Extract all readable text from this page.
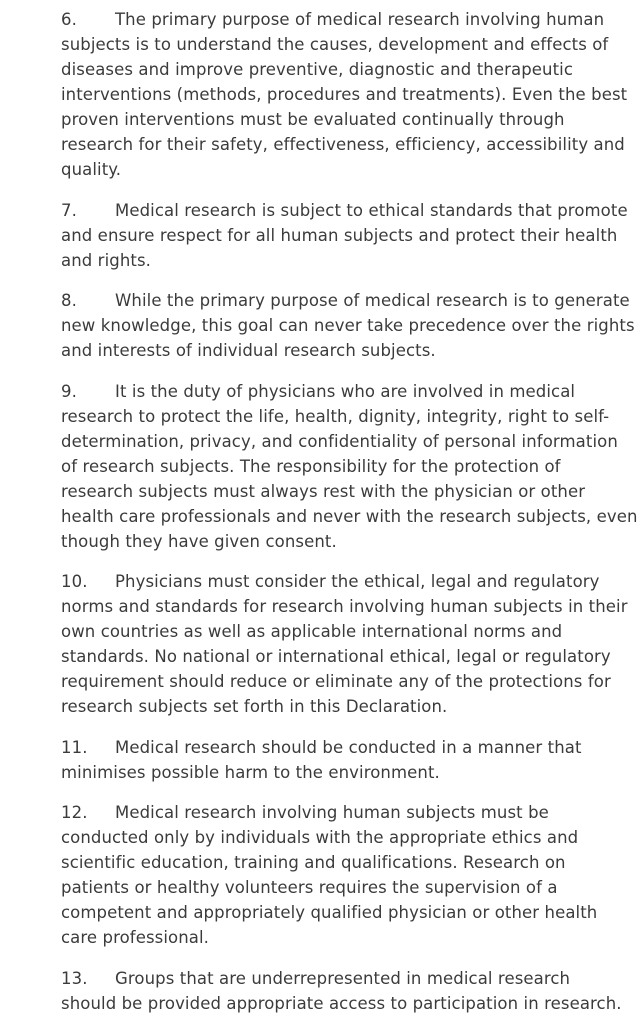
6. The primary purpose of medical research involving human
subjects is to understand the causes, development and effects of
diseases and improve preventive, diagnostic and therapeutic
interventions (methods, procedures and treatments). Even the best
proven interventions must be evaluated continually through
research for their safety, effectiveness, efficiency, accessibility and
quality.
7. Medical research is subject to ethical standards that promote
and ensure respect for all human subjects and protect their health
and rights.
8. While the primary purpose of medical research is to generate
new knowledge, this goal can never take precedence over the rights
and interests of individual research subjects.
9. It is the duty of physicians who are involved in medical
research to protect the life, health, dignity, integrity, right to self-
determination, privacy, and confidentiality of personal information
of research subjects. The responsibility for the protection of
research subjects must always rest with the physician or other
health care professionals and never with the research subjects, even
though they have given consent.
10. Physicians must consider the ethical, legal and regulatory
norms and standards for research involving human subjects in their
own countries as well as applicable international norms and
standards. No national or international ethical, legal or regulatory
requirement should reduce or eliminate any of the protections for
research subjects set forth in this Declaration.
11. Medical research should be conducted in a manner that
minimises possible harm to the environment.
12. Medical research involving human subjects must be
conducted only by individuals with the appropriate ethics and
scientific education, training and qualifications. Research on
patients or healthy volunteers requires the supervision of a
competent and appropriately qualified physician or other health
care professional.
13. Groups that are underrepresented in medical research
should be provided appropriate access to participation in research.
